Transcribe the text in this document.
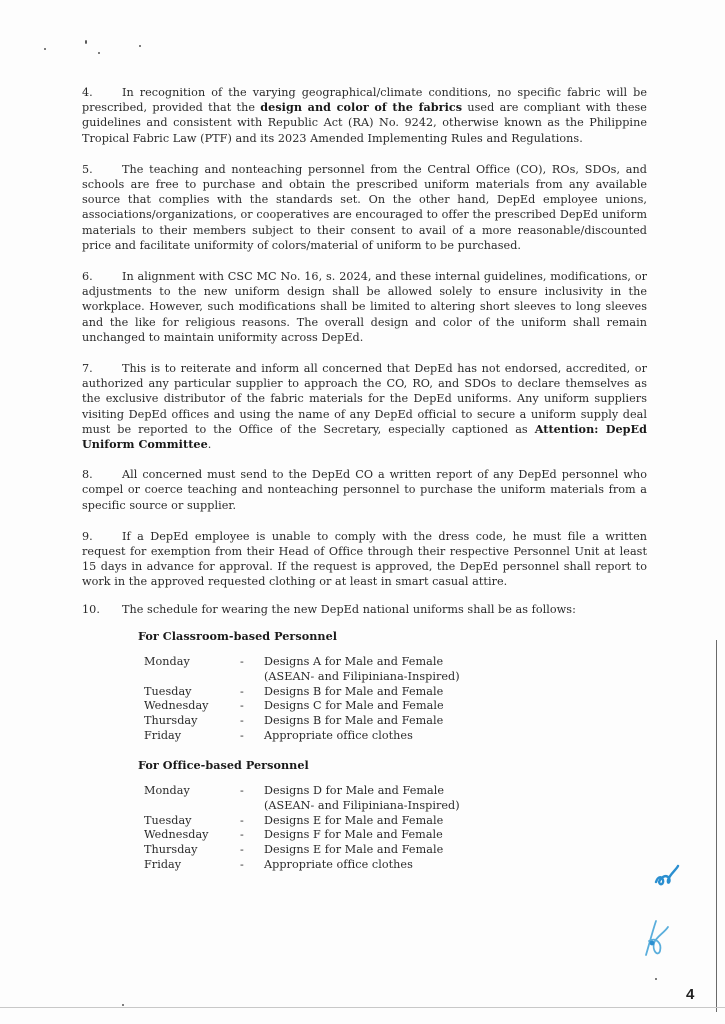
4.	In recognition of the varying geographical/climate conditions, no specific fabric will be prescribed, provided that the design and color of the fabrics used are compliant with these guidelines and consistent with Republic Act (RA) No. 9242, otherwise known as the Philippine Tropical Fabric Law (PTF) and its 2023 Amended Implementing Rules and Regulations.

5.	The teaching and nonteaching personnel from the Central Office (CO), ROs, SDOs, and schools are free to purchase and obtain the prescribed uniform materials from any available source that complies with the standards set. On the other hand, DepEd employee unions, associations/organizations, or cooperatives are encouraged to offer the prescribed DepEd uniform materials to their members subject to their consent to avail of a more reasonable/discounted price and facilitate uniformity of colors/material of uniform to be purchased.

6.	In alignment with CSC MC No. 16, s. 2024, and these internal guidelines, modifications, or adjustments to the new uniform design shall be allowed solely to ensure inclusivity in the workplace. However, such modifications shall be limited to altering short sleeves to long sleeves and the like for religious reasons. The overall design and color of the uniform shall remain unchanged to maintain uniformity across DepEd.

7.	This is to reiterate and inform all concerned that DepEd has not endorsed, accredited, or authorized any particular supplier to approach the CO, RO, and SDOs to declare themselves as the exclusive distributor of the fabric materials for the DepEd uniforms. Any uniform suppliers visiting DepEd offices and using the name of any DepEd official to secure a uniform supply deal must be reported to the Office of the Secretary, especially captioned as Attention: DepEd Uniform Committee.

8.	All concerned must send to the DepEd CO a written report of any DepEd personnel who compel or coerce teaching and nonteaching personnel to purchase the uniform materials from a specific source or supplier.

9.	If a DepEd employee is unable to comply with the dress code, he must file a written request for exemption from their Head of Office through their respective Personnel Unit at least 15 days in advance for approval. If the request is approved, the DepEd personnel shall report to work in the approved requested clothing or at least in smart casual attire.

10. The schedule for wearing the new DepEd national uniforms shall be as follows:

For Classroom-based Personnel
Monday	-	Designs A for Male and Female
(ASEAN- and Filipiniana-Inspired)

Tuesday	-	Designs B for Male and Female
Wednesday	-	Designs C for Male and Female
Thursday	-	Designs B for Male and Female
Friday	-	Appropriate office clothes
For Office-based Personnel
Monday	-	Designs D for Male and Female
(ASEAN- and Filipiniana-Inspired)

Tuesday	-	Designs E for Male and Female
Wednesday	-	Designs F for Male and Female
Thursday	-	Designs E for Male and Female
Friday	-	Appropriate office clothes
4
